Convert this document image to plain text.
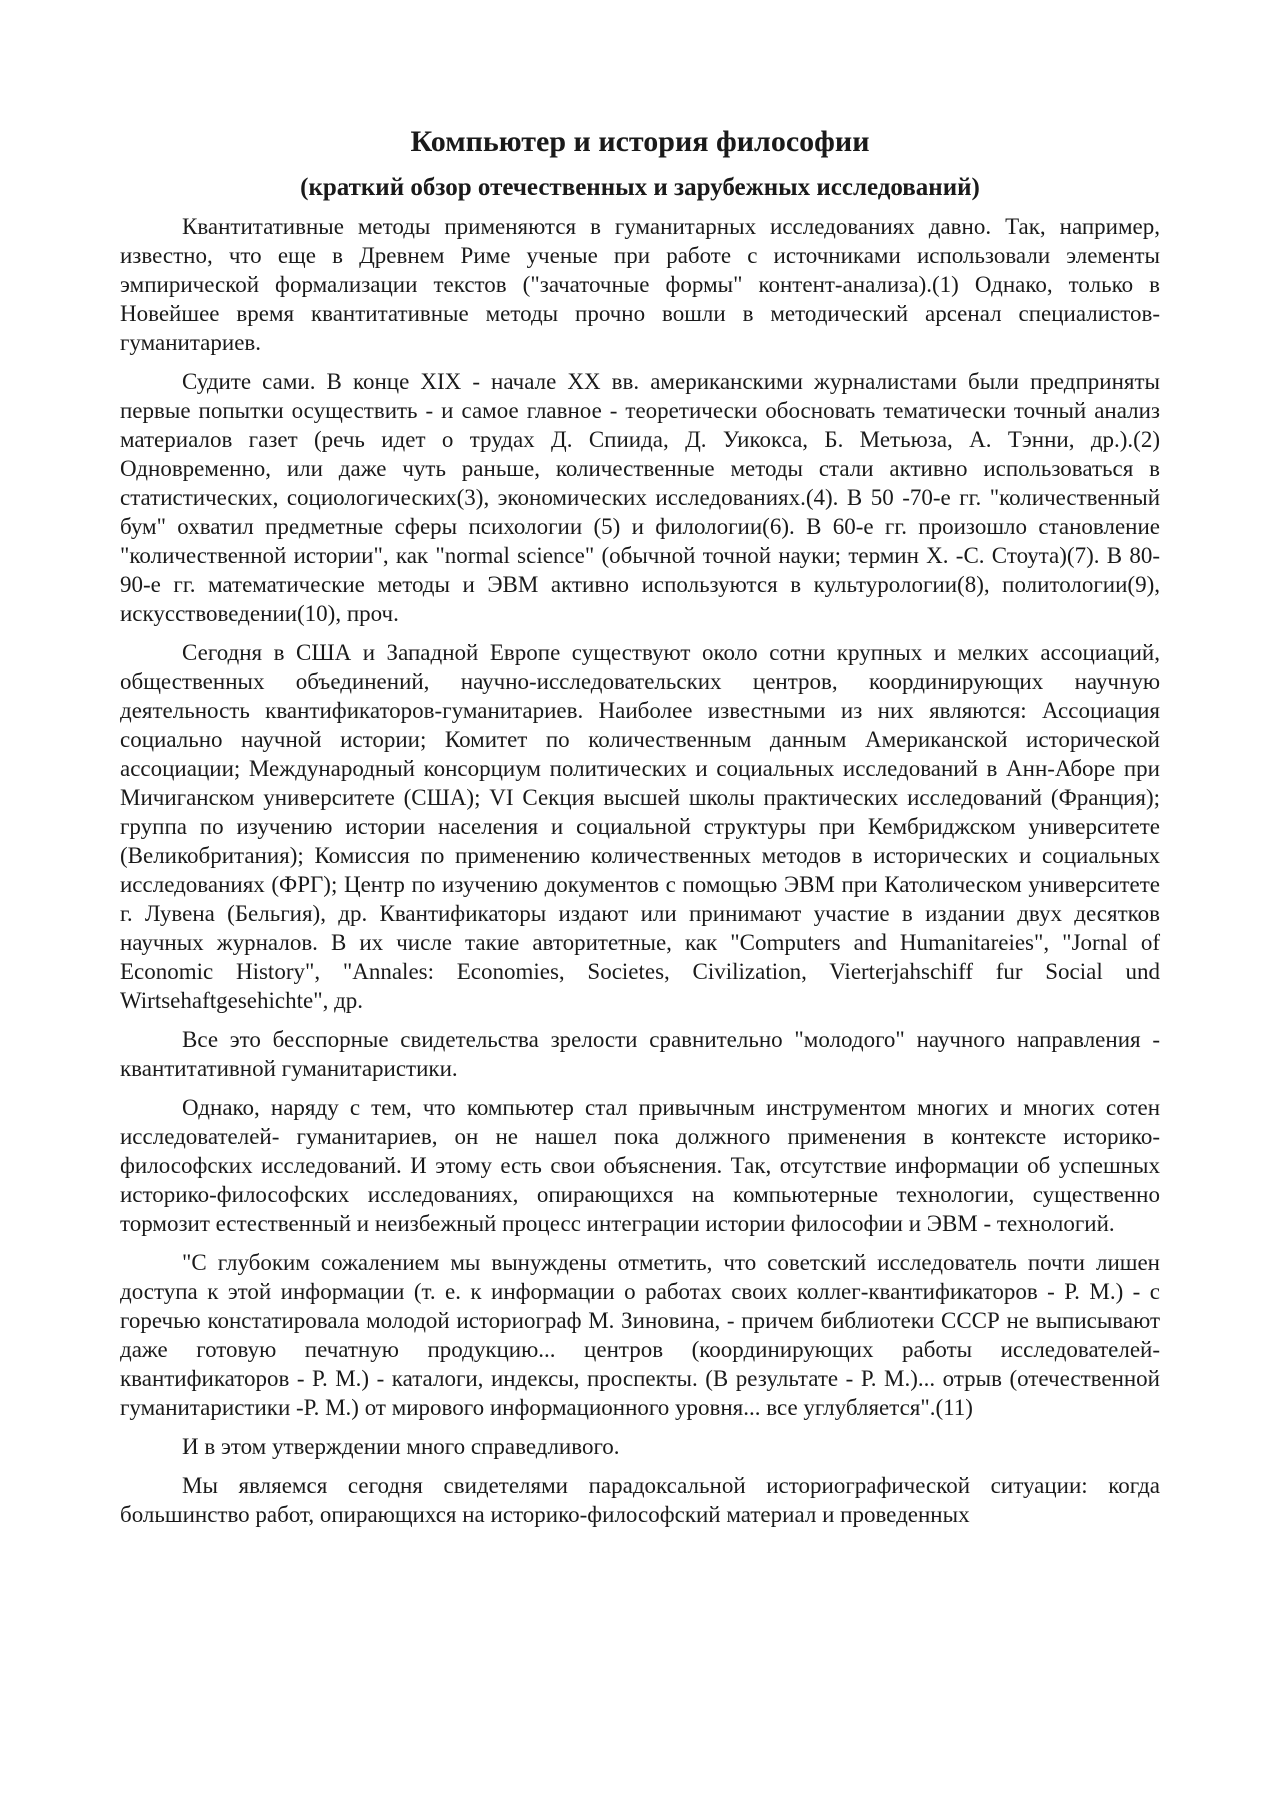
Компьютер и история философии
(краткий обзор отечественных и зарубежных исследований)

Квантитативные методы применяются в гуманитарных исследованиях давно. Так, например, известно, что еще в Древнем Риме ученые при работе с источниками использовали элементы эмпирической формализации текстов ("зачаточные формы" контент-анализа).(1) Однако, только в Новейшее время квантитативные методы прочно вошли в методический арсенал специалистов-гуманитариев.

Судите сами. В конце XIX - начале XX вв. американскими журналистами были предприняты первые попытки осуществить - и самое главное - теоретически обосновать тематически точный анализ материалов газет (речь идет о трудах Д. Спиида, Д. Уикокса, Б. Метьюза, А. Тэнни, др.).(2) Одновременно, или даже чуть раньше, количественные методы стали активно использоваться в статистических, социологических(3), экономических исследованиях.(4). В 50 -70-е гг. "количественный бум" охватил предметные сферы психологии (5) и филологии(6). В 60-е гг. произошло становление "количественной истории", как "normal science" (обычной точной науки; термин Х. -С. Стоута)(7). В 80-90-е гг. математические методы и ЭВМ активно используются в культурологии(8), политологии(9), искусствоведении(10), проч.

Сегодня в США и Западной Европе существуют около сотни крупных и мелких ассоциаций, общественных объединений, научно-исследовательских центров, координирующих научную деятельность квантификаторов-гуманитариев. Наиболее известными из них являются: Ассоциация социально научной истории; Комитет по количественным данным Американской исторической ассоциации; Международный консорциум политических и социальных исследований в Анн-Аборе при Мичиганском университете (США); VI Секция высшей школы практических исследований (Франция); группа по изучению истории населения и социальной структуры при Кембриджском университете (Великобритания); Комиссия по применению количественных методов в исторических и социальных исследованиях (ФРГ); Центр по изучению документов с помощью ЭВМ при Католическом университете г. Лувена (Бельгия), др. Квантификаторы издают или принимают участие в издании двух десятков научных журналов. В их числе такие авторитетные, как "Computers and Humanitareies", "Jornal of Economic History", "Annales: Economies, Societes, Civilization, Vierterjahschiff fur Social und Wirtsehaftgesehichte", др.

Все это бесспорные свидетельства зрелости сравнительно "молодого" научного направления - квантитативной гуманитаристики.

Однако, наряду с тем, что компьютер стал привычным инструментом многих и многих сотен исследователей- гуманитариев, он не нашел пока должного применения в контексте историко-философских исследований. И этому есть свои объяснения. Так, отсутствие информации об успешных историко-философских исследованиях, опирающихся на компьютерные технологии, существенно тормозит естественный и неизбежный процесс интеграции истории философии и ЭВМ - технологий.

"С глубоким сожалением мы вынуждены отметить, что советский исследователь почти лишен доступа к этой информации (т. е. к информации о работах своих коллег-квантификаторов - Р. М.) - с горечью констатировала молодой историограф М. Зиновина, - причем библиотеки СССР не выписывают даже готовую печатную продукцию... центров (координирующих работы исследователей-квантификаторов - Р. М.) - каталоги, индексы, проспекты. (В результате - Р. М.)... отрыв (отечественной гуманитаристики -Р. М.) от мирового информационного уровня... все углубляется".(11)

И в этом утверждении много справедливого.

Мы являемся сегодня свидетелями парадоксальной историографической ситуации: когда большинство работ, опирающихся на историко-философский материал и проведенных
